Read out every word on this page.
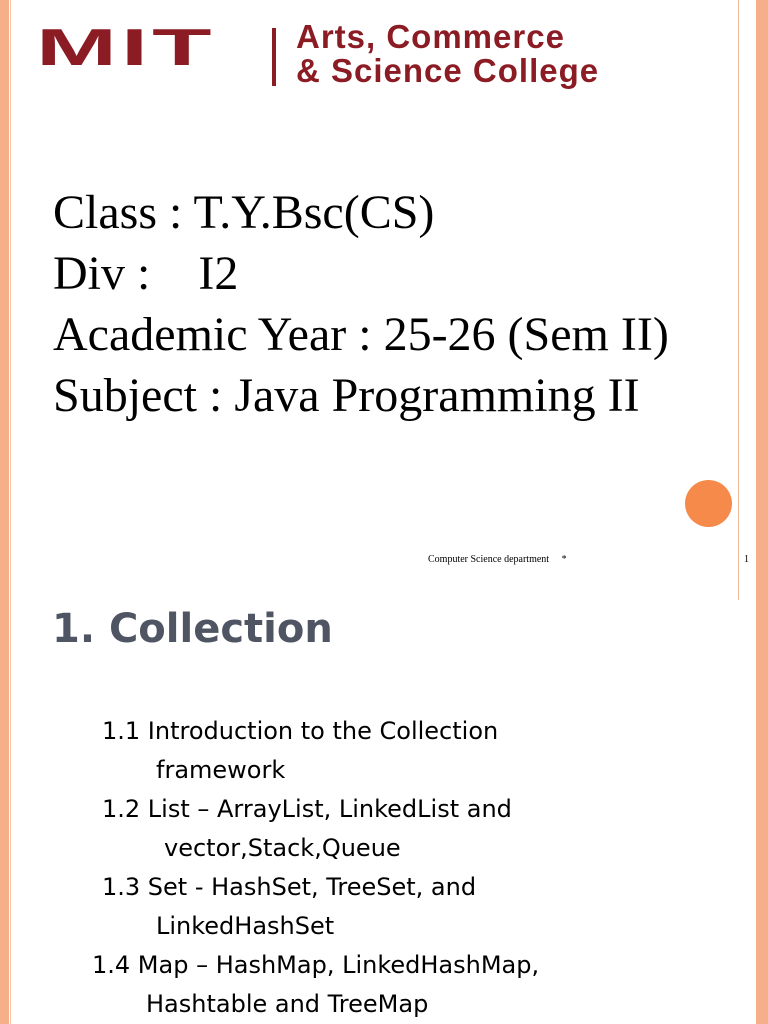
MIT Arts, Commerce
& Science College
Class : T.Y.Bsc(CS)
Div :    I2
Academic Year : 25-26 (Sem II)
Subject : Java Programming II
Computer Science department     *	1
1. Collection
1.1 Introduction to the Collection
framework
1.2 List – ArrayList, LinkedList and
vector,Stack,Queue
1.3 Set - HashSet, TreeSet, and
LinkedHashSet
1.4 Map – HashMap, LinkedHashMap,
Hashtable and TreeMap
